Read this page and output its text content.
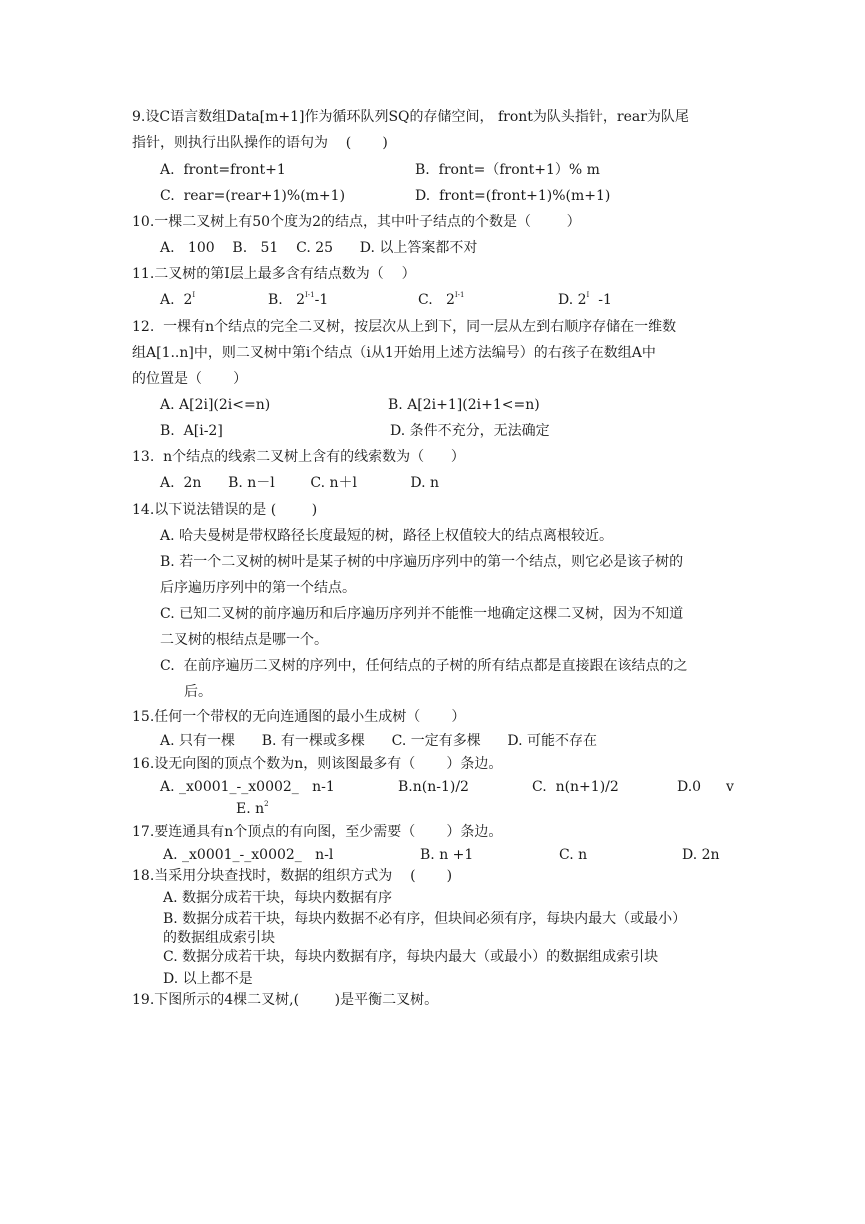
9.设C语言数组Data[m+1]作为循环队列SQ的存储空间， front为队头指针，rear为队尾
指针，则执行出队操作的语句为    (       )
A.  front=front+1	B.  front=（front+1）% m
C.  rear=(rear+1)%(m+1)	D.  front=(front+1)%(m+1)
10.一棵二叉树上有50个度为2的结点，其中叶子结点的个数是（        ）
A.   100    B.   51    C. 25      D. 以上答案都不对
11.二叉树的第I层上最多含有结点数为（    ）
A.  $2^I$	B.   $2^{I-1}-1$	C.   $2^{I-1}$	D. $2^I$  -1
12.  一棵有n个结点的完全二叉树，按层次从上到下，同一层从左到右顺序存储在一维数
组A[1..n]中，则二叉树中第i个结点（i从1开始用上述方法编号）的右孩子在数组A中
的位置是（       ）
A. A[2i](2i<=n)	B. A[2i+1](2i+1<=n)
B.  A[i-2]	D. 条件不充分，无法确定
13.  n个结点的线索二叉树上含有的线索数为（      ）
A.  2n      B. n－l        C. n＋l            D. n
14.以下说法错误的是 (        )
A. 哈夫曼树是带权路径长度最短的树，路径上权值较大的结点离根较近。
B. 若一个二叉树的树叶是某子树的中序遍历序列中的第一个结点，则它必是该子树的
后序遍历序列中的第一个结点。
C. 已知二叉树的前序遍历和后序遍历序列并不能惟一地确定这棵二叉树，因为不知道
二叉树的根结点是哪一个。
C.  在前序遍历二叉树的序列中，任何结点的子树的所有结点都是直接跟在该结点的之
后。
15.任何一个带权的无向连通图的最小生成树（       ）
A. 只有一棵      B. 有一棵或多棵      C. 一定有多棵      D. 可能不存在
16.设无向图的顶点个数为n，则该图最多有（       ）条边。
A. _x0001_-_x0002_   n-1	B.n(n-1)/2	C.  n(n+1)/2	D.0 v
E. $n^2$
17.要连通具有n个顶点的有向图，至少需要（       ）条边。
A. _x0001_-_x0002_   n-l	B. n +1	C. n	D. 2n
18.当采用分块查找时，数据的组织方式为    (       )
A. 数据分成若干块，每块内数据有序
B. 数据分成若干块，每块内数据不必有序，但块间必须有序，每块内最大（或最小）
的数据组成索引块
C. 数据分成若干块，每块内数据有序，每块内最大（或最小）的数据组成索引块
D. 以上都不是
19.下图所示的4棵二叉树,(        )是平衡二叉树。
